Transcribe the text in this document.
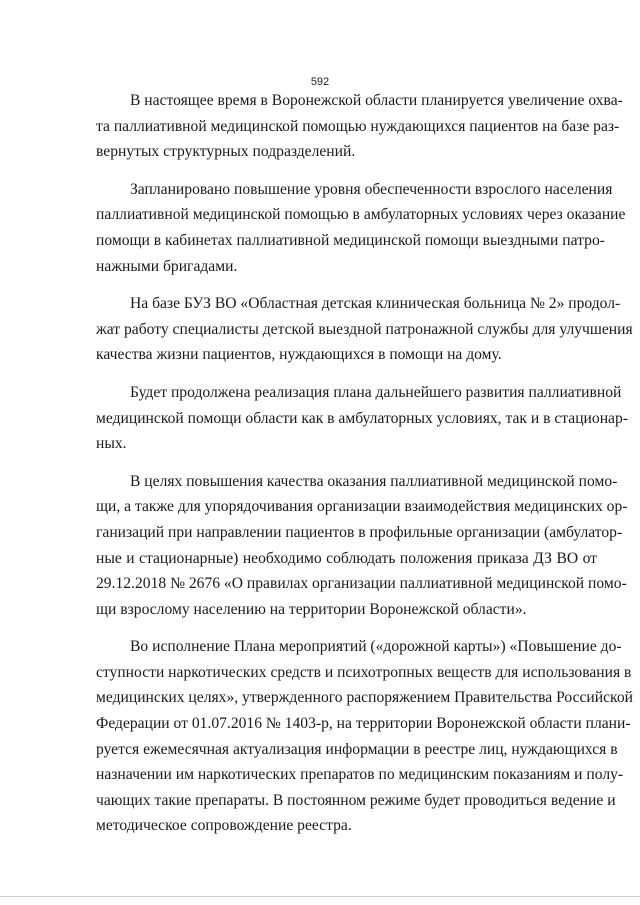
592

В настоящее время в Воронежской области планируется увеличение охва-
та паллиативной медицинской помощью нуждающихся пациентов на базе раз-
вернутых структурных подразделений.

Запланировано повышение уровня обеспеченности взрослого населения
паллиативной медицинской помощью в амбулаторных условиях через оказание
помощи в кабинетах паллиативной медицинской помощи выездными патро-
нажными бригадами.

На базе БУЗ ВО «Областная детская клиническая больница № 2» продол-
жат работу специалисты детской выездной патронажной службы для улучшения
качества жизни пациентов, нуждающихся в помощи на дому.

Будет продолжена реализация плана дальнейшего развития паллиативной
медицинской помощи области как в амбулаторных условиях, так и в стационар-
ных.

В целях повышения качества оказания паллиативной медицинской помо-
щи, а также для упорядочивания организации взаимодействия медицинских ор-
ганизаций при направлении пациентов в профильные организации (амбулатор-
ные и стационарные) необходимо соблюдать положения приказа ДЗ ВО от
29.12.2018 № 2676 «О правилах организации паллиативной медицинской помо-
щи взрослому населению на территории Воронежской области».

Во исполнение Плана мероприятий («дорожной карты») «Повышение до-
ступности наркотических средств и психотропных веществ для использования в
медицинских целях», утвержденного распоряжением Правительства Российской
Федерации от 01.07.2016 № 1403-р, на территории Воронежской области плани-
руется ежемесячная актуализация информации в реестре лиц, нуждающихся в
назначении им наркотических препаратов по медицинским показаниям и полу-
чающих такие препараты. В постоянном режиме будет проводиться ведение и
методическое сопровождение реестра.
